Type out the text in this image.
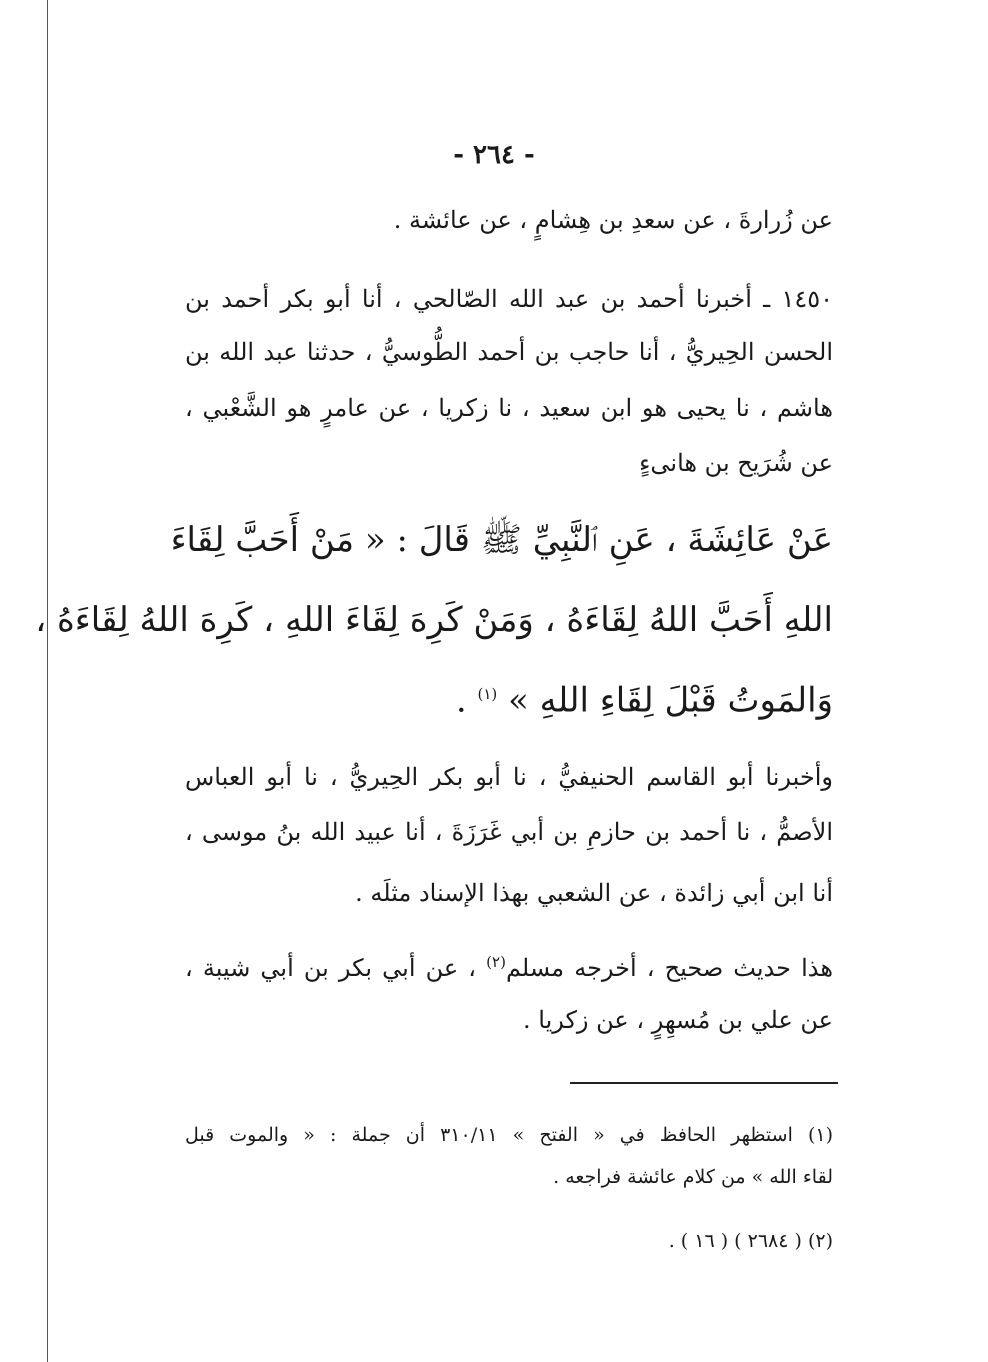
- ٢٦٤ -
عن زُرارةَ ، عن سعدِ بن هِشامٍ ، عن عائشة .
١٤٥٠ ـ أخبرنا أحمد بن عبد الله الصّالحي ، أنا أبو بكر أحمد بن
الحسن الحِيريُّ ، أنا حاجب بن أحمد الطُّوسيُّ ، حدثنا عبد الله بن
هاشم ، نا يحيى هو ابن سعيد ، نا زكريا ، عن عامرٍ هو الشَّعْبي ،
عن شُرَيح بن هانىءٍ
عَنْ عَائِشَةَ ، عَنِ ٱلنَّبِيِّ ﷺ قَالَ : « مَنْ أَحَبَّ لِقَاءَ
اللهِ أَحَبَّ اللهُ لِقَاءَهُ ، وَمَنْ كَرِهَ لِقَاءَ اللهِ ، كَرِهَ اللهُ لِقَاءَهُ ،
وَالمَوتُ قَبْلَ لِقَاءِ اللهِ » $^{(١)}$ .
وأخبرنا أبو القاسم الحنيفيُّ ، نا أبو بكر الحِيريُّ ، نا أبو العباس
الأصمُّ ، نا أحمد بن حازمِ بن أبي غَرَزَةَ ، أنا عبيد الله بنُ موسى ،
أنا ابن أبي زائدة ، عن الشعبي بهذا الإسناد مثلَه .
هذا حديث صحيح ، أخرجه مسلم$^{(٢)}$ ، عن أبي بكر بن أبي شيبة ،
عن علي بن مُسهِرٍ ، عن زكريا .
(١) استظهر الحافظ في « الفتح » ٣١٠/١١ أن جملة : « والموت قبل
لقاء الله » من كلام عائشة فراجعه .
(٢) ( ٢٦٨٤ ) ( ١٦ ) .
